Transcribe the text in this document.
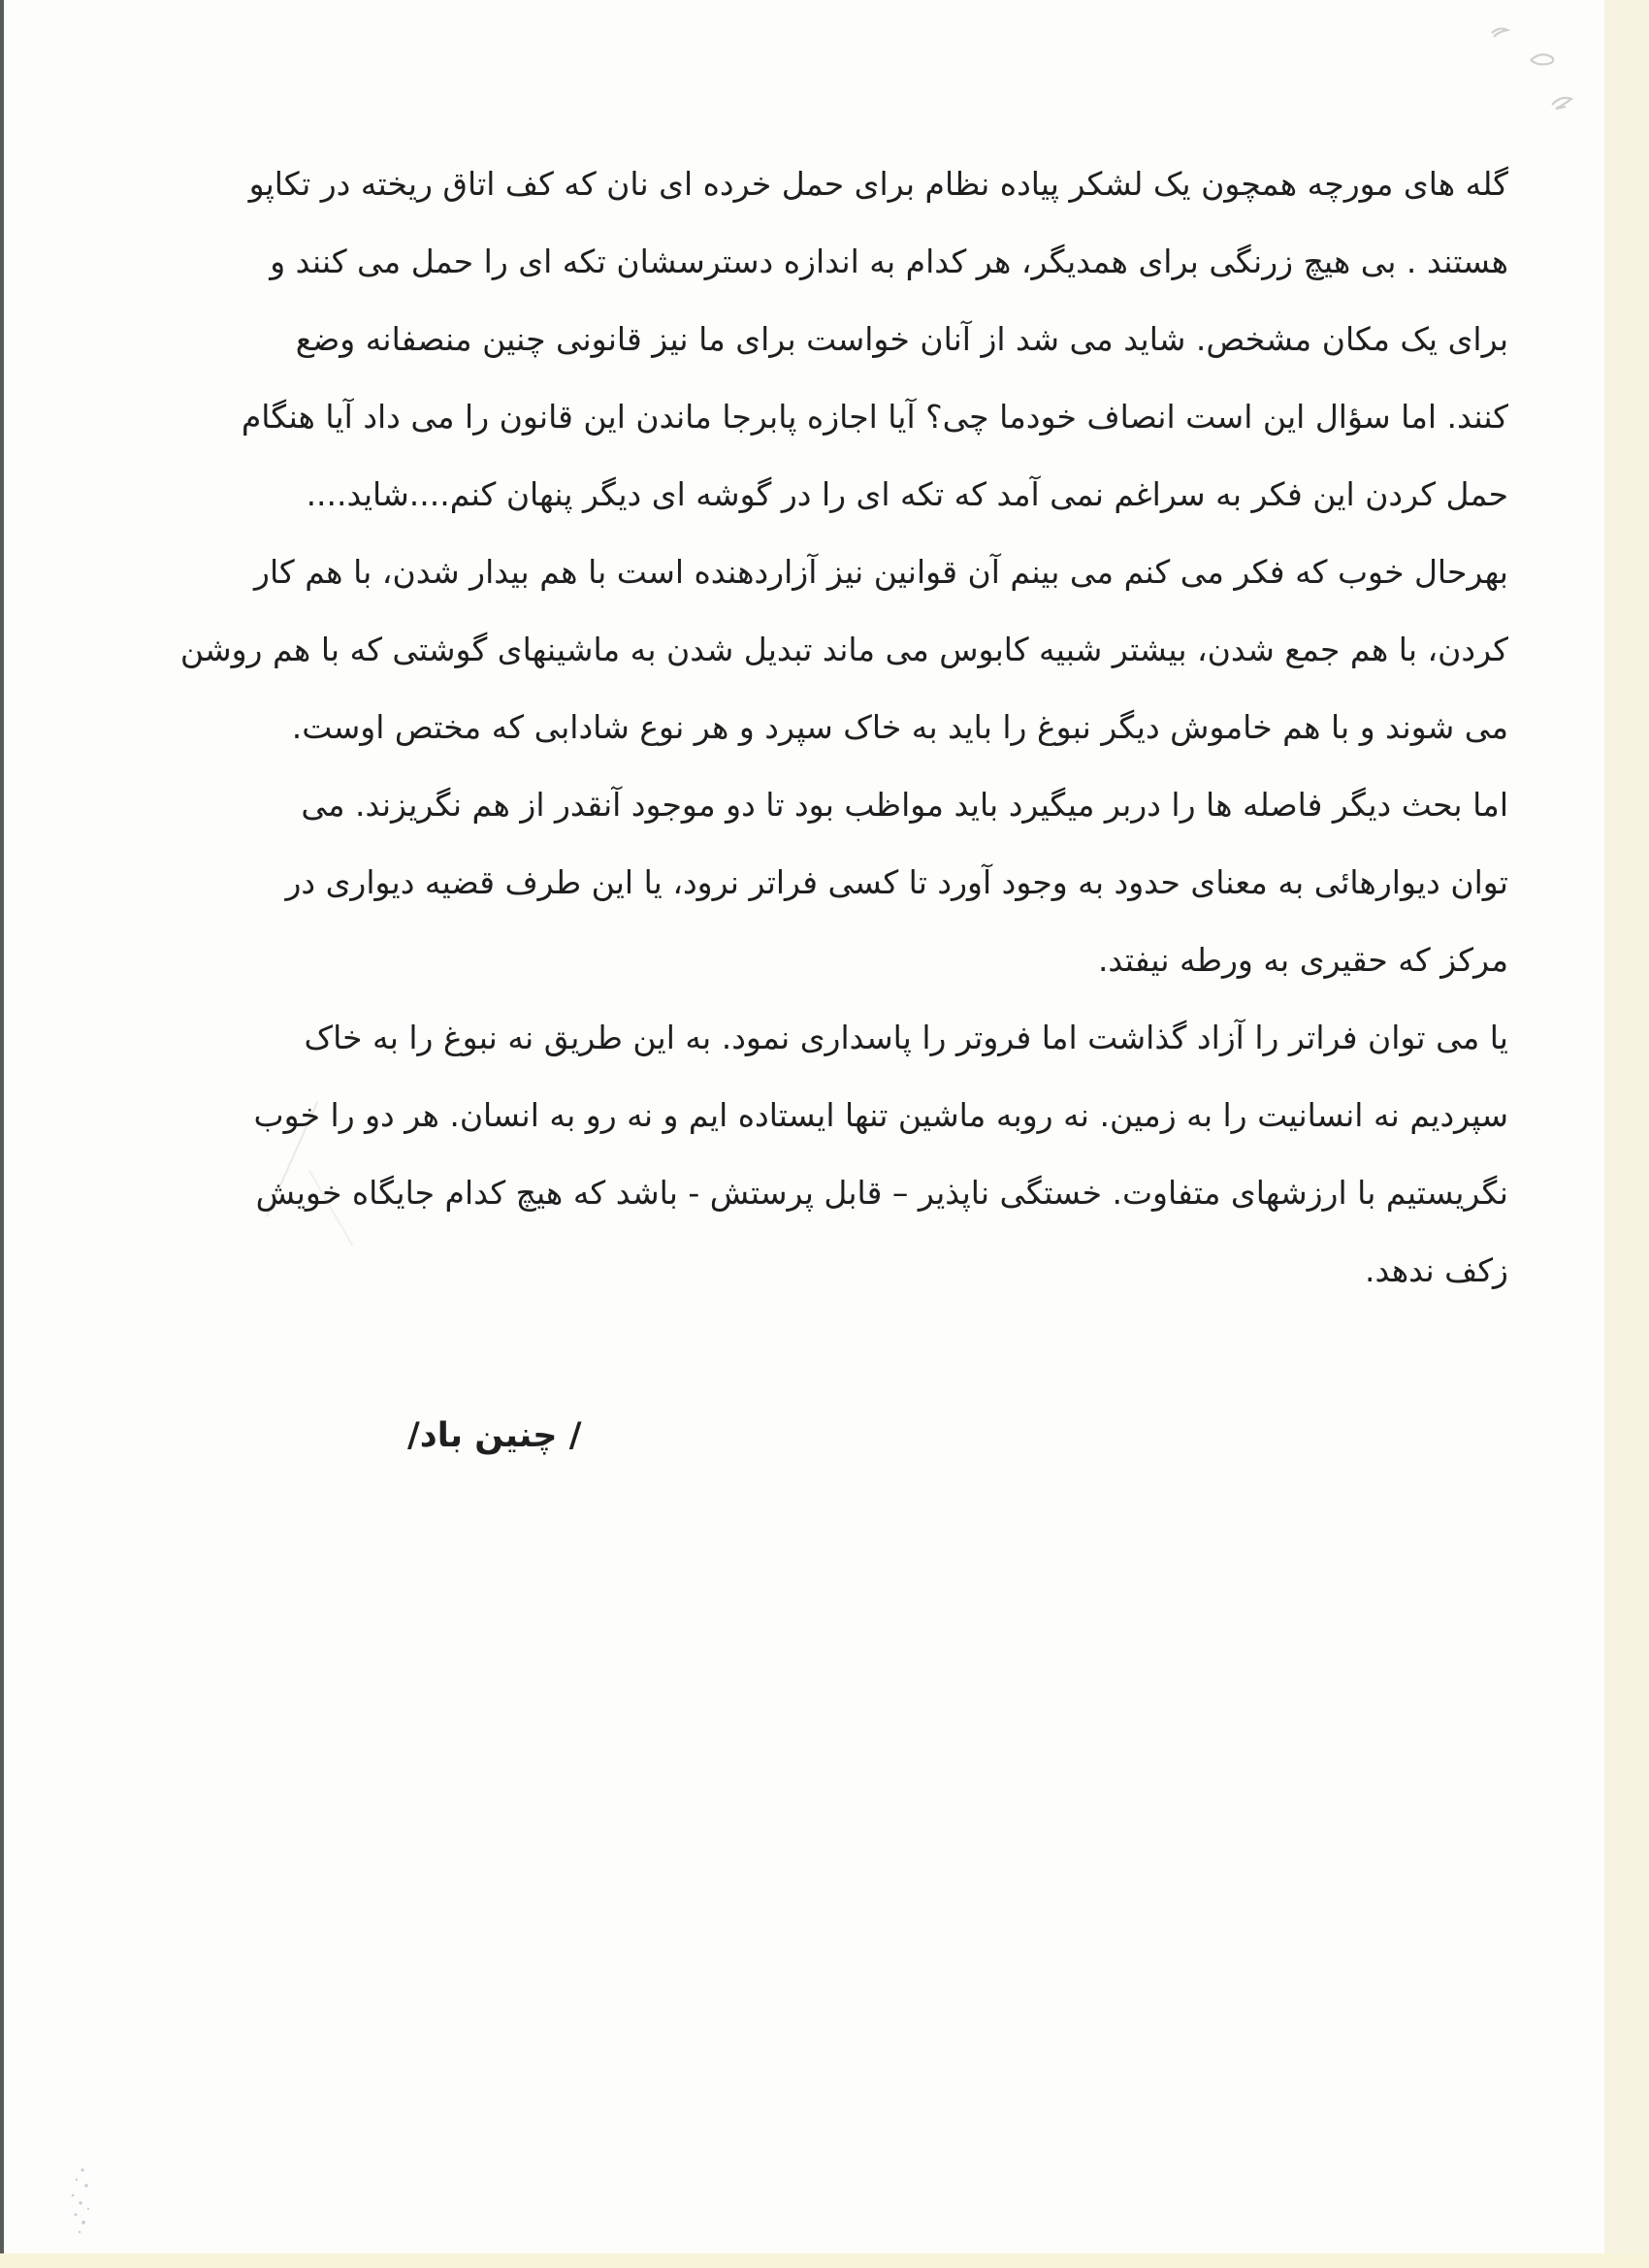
گله های مورچه همچون یک لشکر پیاده نظام برای حمل خرده ای نان که کف اتاق ریخته در تکاپو
هستند . بی هیچ زرنگی برای همدیگر، هر کدام به اندازه دسترسشان تکه ای را حمل می کنند و
برای یک مکان مشخص. شاید می شد از آنان خواست برای ما نیز قانونی چنین منصفانه وضع
کنند. اما سؤال این است انصاف خودما چی؟ آیا اجازه پابرجا ماندن این قانون را می داد آیا هنگام
حمل کردن این فکر به سراغم نمی آمد که تکه ای را در گوشه ای دیگر پنهان کنم....شاید....
بهرحال خوب که فکر می کنم می بینم آن قوانین نیز آزاردهنده است با هم بیدار شدن، با هم کار
کردن، با هم جمع شدن، بیشتر شبیه کابوس می ماند تبدیل شدن به ماشینهای گوشتی که با هم روشن
می شوند و با هم خاموش دیگر نبوغ را باید به خاک سپرد و هر نوع شادابی که مختص اوست.
اما بحث دیگر فاصله ها را دربر میگیرد باید مواظب بود تا دو موجود آنقدر از هم نگریزند. می
توان دیوارهائی به معنای حدود به وجود آورد تا کسی فراتر نرود، یا این طرف قضیه دیواری در
مرکز که حقیری به ورطه نیفتد.
یا می توان فراتر را آزاد گذاشت اما فروتر را پاسداری نمود. به این طریق نه نبوغ را به خاک
سپردیم نه انسانیت را به زمین. نه روبه ماشین تنها ایستاده ایم و نه رو به انسان. هر دو را خوب
نگریستیم با ارزشهای متفاوت. خستگی ناپذیر – قابل پرستش - باشد که هیچ کدام جایگاه خویش
زکف ندهد.
/ چنین باد/
